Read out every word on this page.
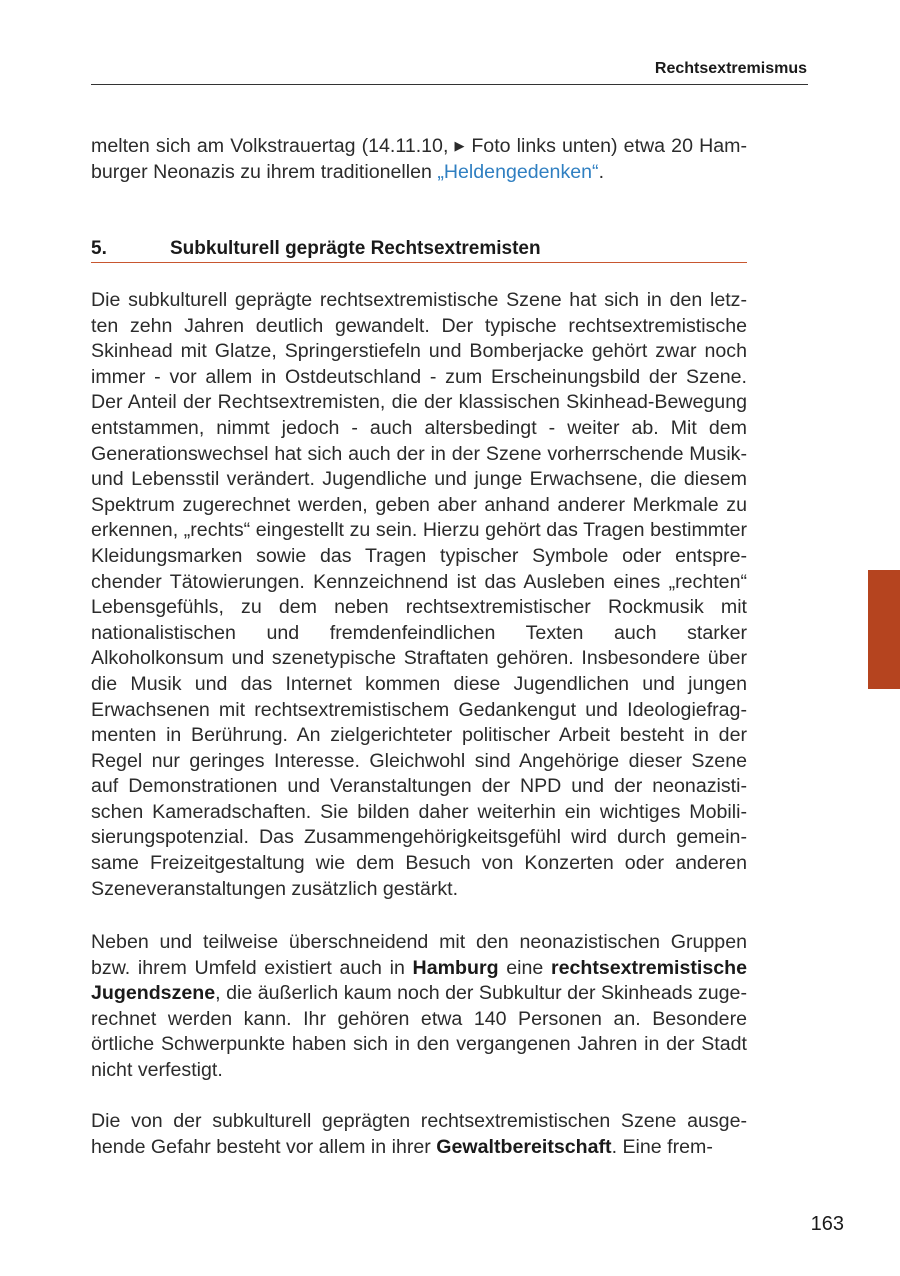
Rechtsextremismus

melten sich am Volkstrauertag (14.11.10, ▶ Foto links unten) etwa 20 Hamburger Neonazis zu ihrem traditionellen „Heldengedenken“.

5.	Subkulturell geprägte Rechtsextremisten

Die subkulturell geprägte rechtsextremistische Szene hat sich in den letzten zehn Jahren deutlich gewandelt. Der typische rechtsextremistische Skinhead mit Glatze, Springerstiefeln und Bomberjacke gehört zwar noch immer - vor allem in Ostdeutschland - zum Erscheinungsbild der Szene. Der Anteil der Rechtsextremisten, die der klassischen Skinhead-Bewegung entstammen, nimmt jedoch - auch altersbedingt - weiter ab. Mit dem Generationswechsel hat sich auch der in der Szene vorherrschende Musik- und Lebensstil verändert. Jugendliche und junge Erwachsene, die diesem Spektrum zugerechnet werden, geben aber anhand anderer Merkmale zu erkennen, „rechts“ eingestellt zu sein. Hierzu gehört das Tragen bestimmter Kleidungsmarken sowie das Tragen typischer Symbole oder entsprechender Tätowierungen. Kennzeichnend ist das Ausleben eines „rechten“ Lebensgefühls, zu dem neben rechtsextremistischer Rockmusik mit nationalistischen und fremdenfeindlichen Texten auch starker Alkoholkonsum und szenetypische Straftaten gehören. Insbesondere über die Musik und das Internet kommen diese Jugendlichen und jungen Erwachsenen mit rechtsextremistischem Gedankengut und Ideologiefragmenten in Berührung. An zielgerichteter politischer Arbeit besteht in der Regel nur geringes Interesse. Gleichwohl sind Angehörige dieser Szene auf Demonstrationen und Veranstaltungen der NPD und der neonazistischen Kameradschaften. Sie bilden daher weiterhin ein wichtiges Mobilisierungspotenzial. Das Zusammengehörigkeitsgefühl wird durch gemeinsame Freizeitgestaltung wie dem Besuch von Konzerten oder anderen Szeneveranstaltungen zusätzlich gestärkt.

Neben und teilweise überschneidend mit den neonazistischen Gruppen bzw. ihrem Umfeld existiert auch in Hamburg eine rechtsextremistische Jugendszene, die äußerlich kaum noch der Subkultur der Skinheads zugerechnet werden kann. Ihr gehören etwa 140 Personen an. Besondere örtliche Schwerpunkte haben sich in den vergangenen Jahren in der Stadt nicht verfestigt.

Die von der subkulturell geprägten rechtsextremistischen Szene ausgehende Gefahr besteht vor allem in ihrer Gewaltbereitschaft. Eine frem-

163
